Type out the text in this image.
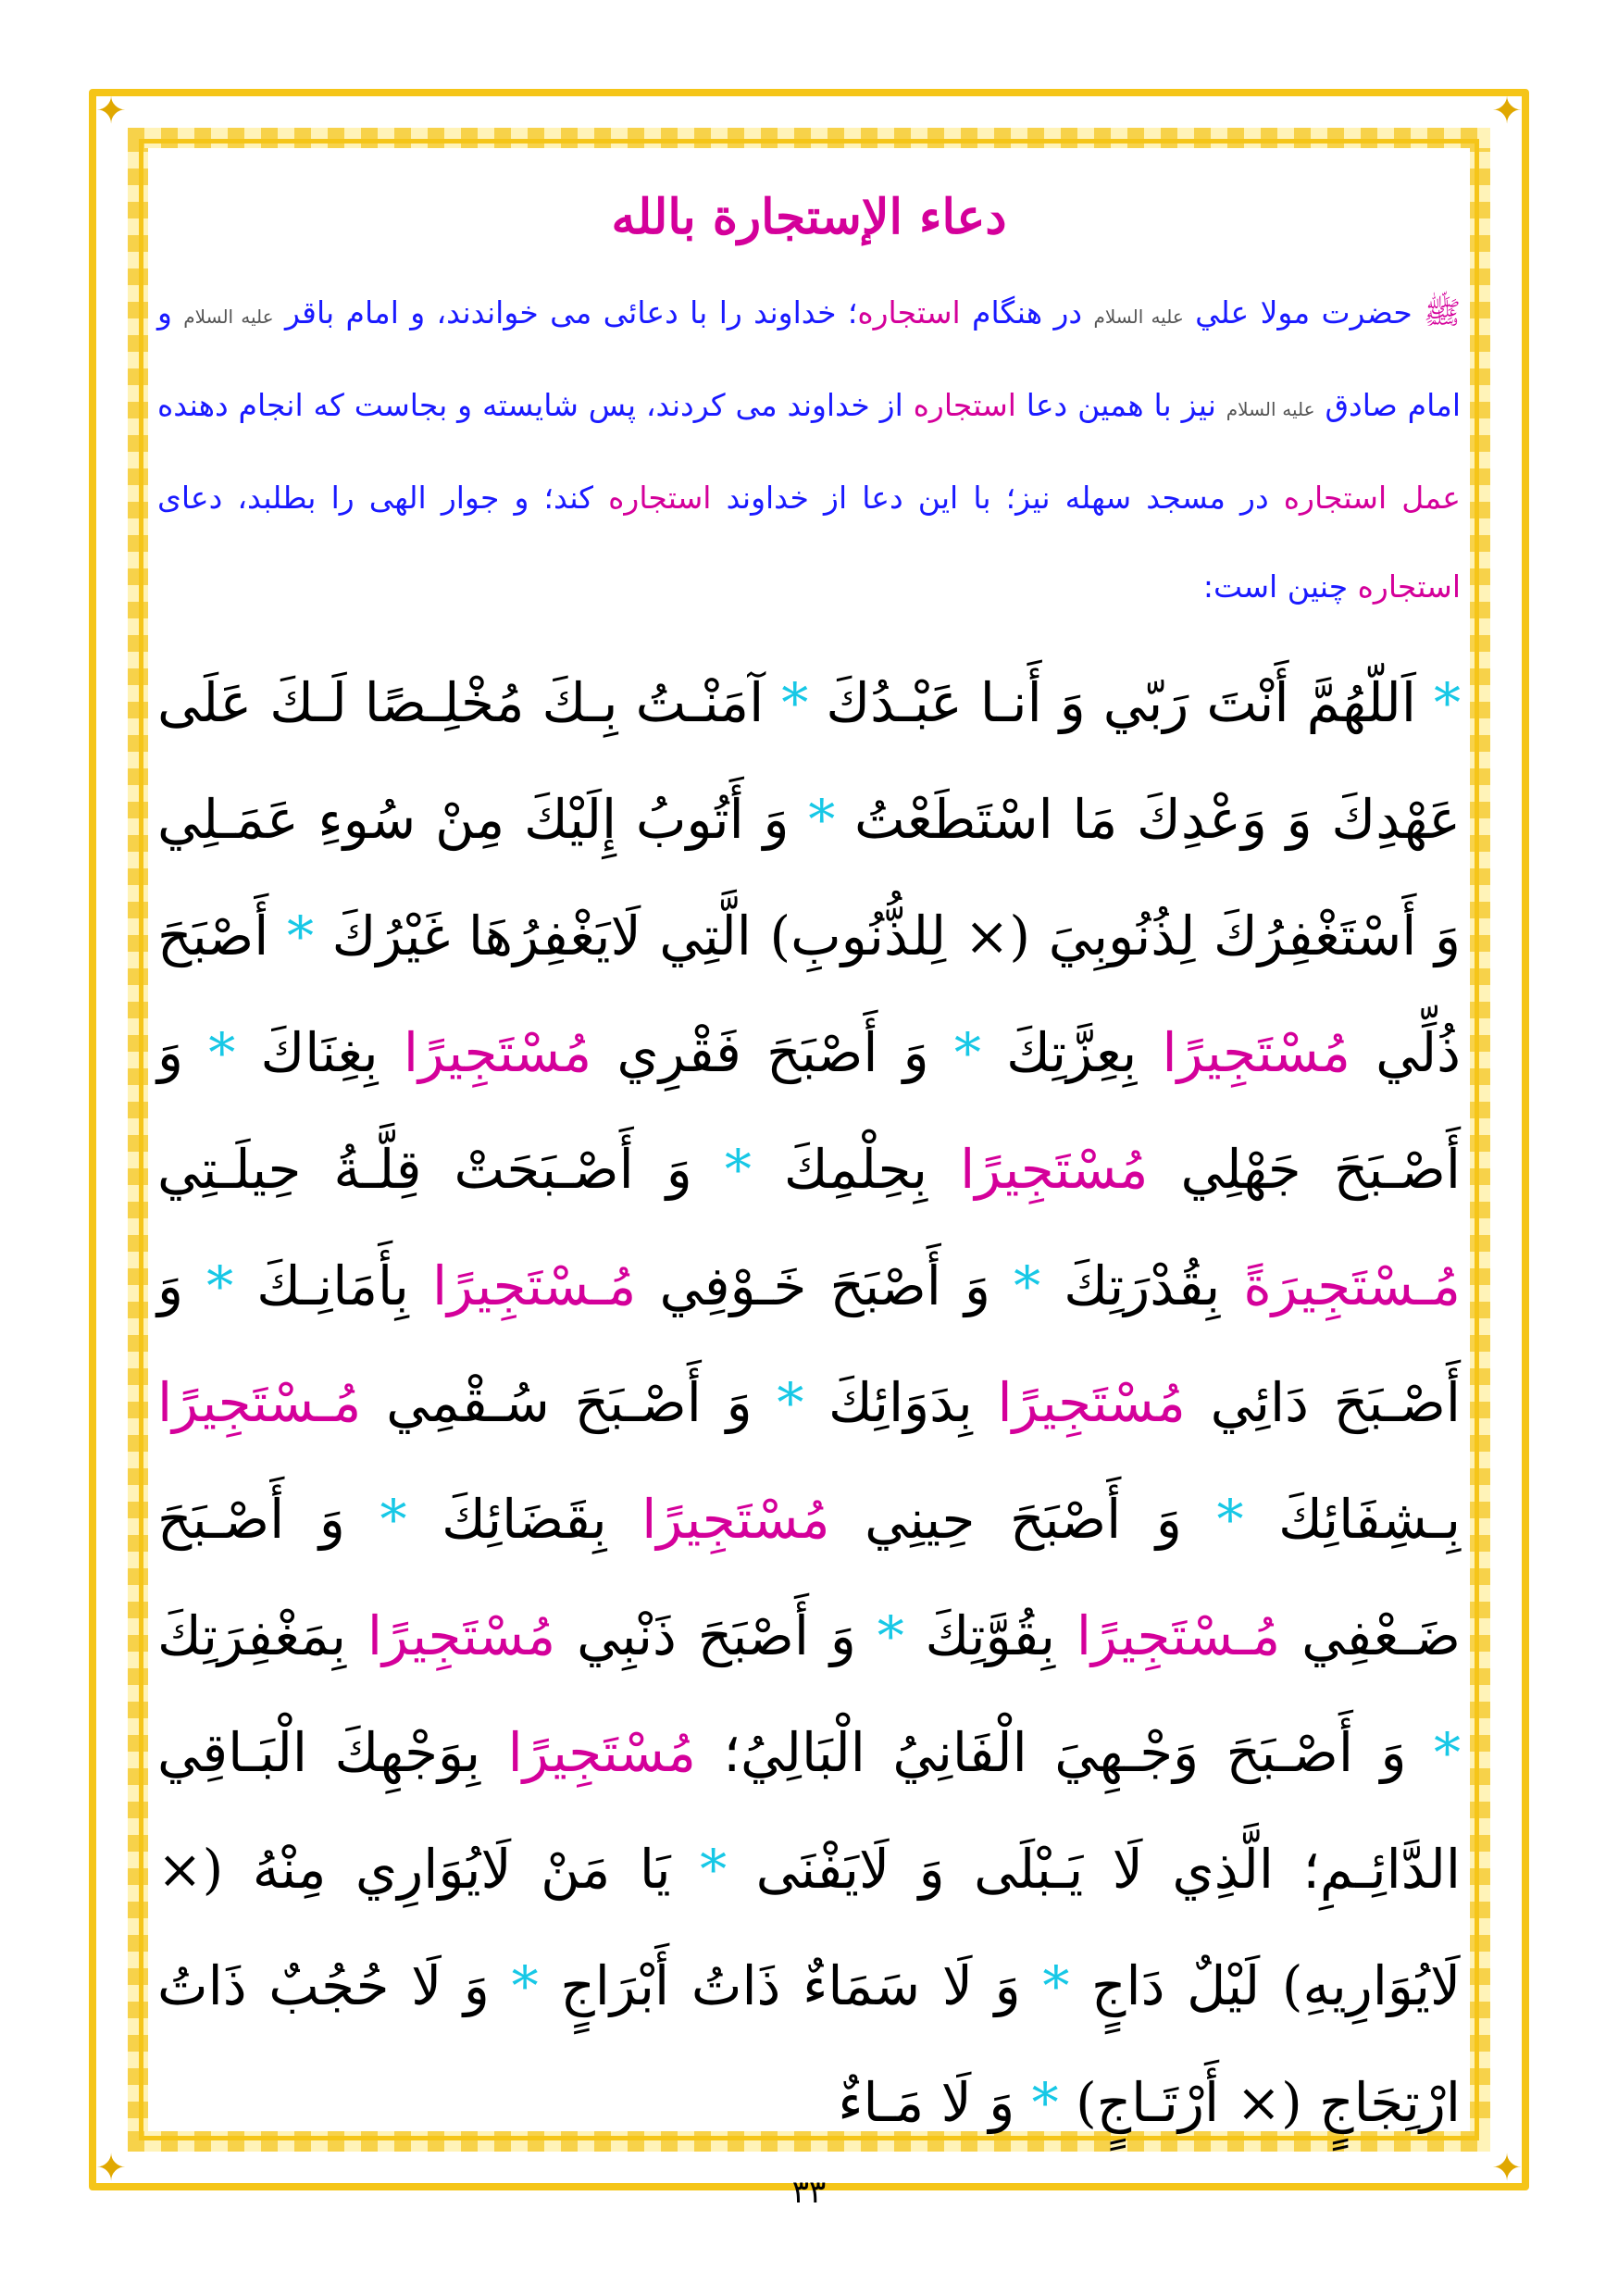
✦	✦
✦	✦
دعاء الإستجارة بالله

ﷺ حضرت مولا علي عليه السلام در هنگام استجاره؛ خداوند را با دعائی می خواندند، و امام باقر عليه السلام و امام صادق عليه السلام نيز با همين دعا استجاره از خداوند می کردند، پس شايسته و بجاست که انجام دهنده عمل استجاره در مسجد سهله نيز؛ با اين دعا از خداوند استجاره کند؛ و جوار الهی را بطلبد، دعای استجاره چنين است:

* اَللّهُمَّ أَنْتَ رَبّي وَ أَنـا عَبْـدُكَ * آمَنْـتُ بِـكَ مُخْلِـصًا لَـكَ عَلَى عَهْدِكَ وَ وَعْدِكَ مَا اسْتَطَعْتُ * وَ أَتُوبُ إِلَيْكَ مِنْ سُوءِ عَمَـلِي وَ أَسْتَغْفِرُكَ لِذُنُوبِيَ (× لِلذُّنُوبِ) الَّتِي لَايَغْفِرُهَا غَيْرُكَ * أَصْبَحَ ذُلِّي مُسْتَجِيرًا بِعِزَّتِكَ * وَ أَصْبَحَ فَقْرِي مُسْتَجِيرًا بِغِنَاكَ * وَ أَصْـبَحَ جَهْلِي مُسْتَجِيرًا بِحِلْمِكَ * وَ أَصْـبَحَتْ قِلَّـةُ حِيلَـتِي مُـسْتَجِيرَةً بِقُدْرَتِكَ * وَ أَصْبَحَ خَـوْفِي مُـسْتَجِيرًا بِأَمَانِـكَ * وَ أَصْـبَحَ دَائِي مُسْتَجِيرًا بِدَوَائِكَ * وَ أَصْـبَحَ سُـقْمِي مُـسْتَجِيرًا بِـشِفَائِكَ * وَ أَصْبَحَ حِينِي مُسْتَجِيرًا بِقَضَائِكَ * وَ أَصْـبَحَ ضَـعْفِي مُـسْتَجِيرًا بِقُوَّتِكَ * وَ أَصْبَحَ ذَنْبِي مُسْتَجِيرًا بِمَغْفِرَتِكَ * وَ أَصْـبَحَ وَجْـهِيَ الْفَانِيُ الْبَالِيُ؛ مُسْتَجِيرًا بِوَجْهِكَ الْبَـاقِي الدَّائِـمِ؛ الَّذِي لَا يَـبْلَى وَ لَايَفْنَى * يَا مَنْ لَايُوَارِي مِنْهُ (× لَايُوَارِيهِ) لَيْلٌ دَاجٍ * وَ لَا سَمَاءٌ ذَاتُ أَبْرَاجٍ * وَ لَا حُجُبٌ ذَاتُ ارْتِجَاجٍ (× أَرْتَـاجٍ) * وَ لَا مَـاءٌ

۳۳
